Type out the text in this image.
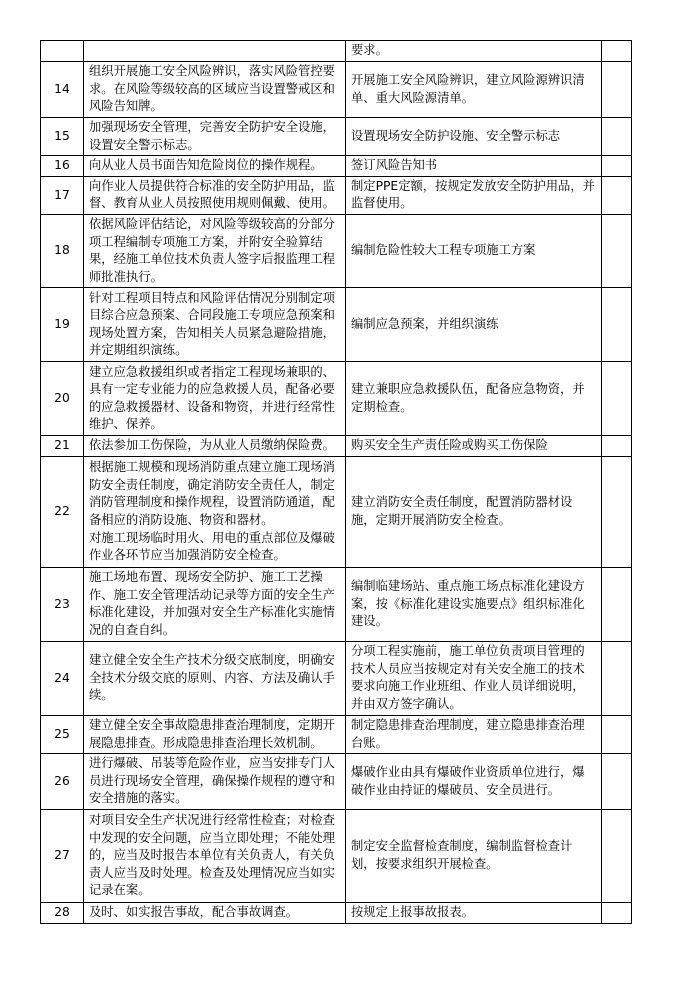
		要求。	
14	组织开展施工安全风险辨识，落实风险管控要求。在风险等级较高的区域应当设置警戒区和风险告知牌。	开展施工安全风险辨识，建立风险源辨识清单、重大风险源清单。	
15	加强现场安全管理，完善安全防护安全设施，设置安全警示标志。	设置现场安全防护设施、安全警示标志	
16	向从业人员书面告知危险岗位的操作规程。	签订风险告知书	
17	向作业人员提供符合标准的安全防护用品，监督、教育从业人员按照使用规则佩戴、使用。	制定PPE定额，按规定发放安全防护用品，并监督使用。	
18	依据风险评估结论，对风险等级较高的分部分项工程编制专项施工方案，并附安全验算结果，经施工单位技术负责人签字后报监理工程师批准执行。	编制危险性较大工程专项施工方案	
19	针对工程项目特点和风险评估情况分别制定项目综合应急预案、合同段施工专项应急预案和现场处置方案，告知相关人员紧急避险措施，并定期组织演练。	编制应急预案，并组织演练	
20	建立应急救援组织或者指定工程现场兼职的、具有一定专业能力的应急救援人员，配备必要的应急救援器材、设备和物资，并进行经常性维护、保养。	建立兼职应急救援队伍，配备应急物资，并定期检查。	
21	依法参加工伤保险，为从业人员缴纳保险费。	购买安全生产责任险或购买工伤保险	
22	根据施工规模和现场消防重点建立施工现场消防安全责任制度，确定消防安全责任人，制定消防管理制度和操作规程，设置消防通道，配备相应的消防设施、物资和器材。
对施工现场临时用火、用电的重点部位及爆破作业各环节应当加强消防安全检查。	建立消防安全责任制度，配置消防器材设施，定期开展消防安全检查。	
23	施工场地布置、现场安全防护、施工工艺操作、施工安全管理活动记录等方面的安全生产标准化建设，并加强对安全生产标准化实施情况的自查自纠。	编制临建场站、重点施工场点标准化建设方案，按《标准化建设实施要点》组织标准化建设。	
24	建立健全安全生产技术分级交底制度，明确安全技术分级交底的原则、内容、方法及确认手续。	分项工程实施前，施工单位负责项目管理的技术人员应当按规定对有关安全施工的技术要求向施工作业班组、作业人员详细说明，并由双方签字确认。	
25	建立健全安全事故隐患排查治理制度，定期开展隐患排查。形成隐患排查治理长效机制。	制定隐患排查治理制度，建立隐患排查治理台账。	
26	进行爆破、吊装等危险作业，应当安排专门人员进行现场安全管理，确保操作规程的遵守和安全措施的落实。	爆破作业由具有爆破作业资质单位进行，爆破作业由持证的爆破员、安全员进行。	
27	对项目安全生产状况进行经常性检查；对检查中发现的安全问题，应当立即处理；不能处理的，应当及时报告本单位有关负责人，有关负责人应当及时处理。检查及处理情况应当如实记录在案。	制定安全监督检查制度，编制监督检查计划，按要求组织开展检查。	
28	及时、如实报告事故，配合事故调查。	按规定上报事故报表。	
